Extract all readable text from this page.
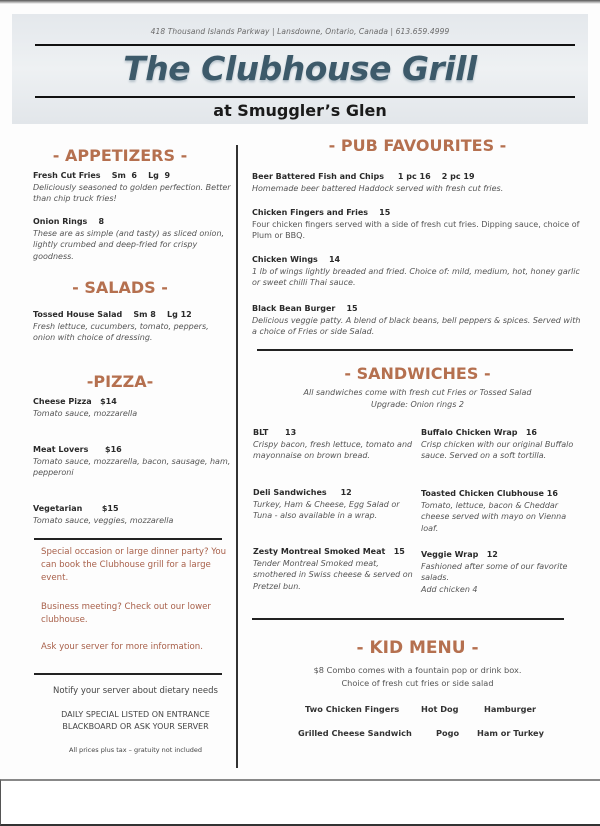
418 Thousand Islands Parkway | Lansdowne, Ontario, Canada | 613.659.4999
The Clubhouse Grill
at Smuggler’s Glen
- APPETIZERS -
Fresh Cut Fries    Sm  6    Lg  9
Deliciously seasoned to golden perfection. Better than chip truck fries!
Onion Rings    8
These are as simple (and tasty) as sliced onion, lightly crumbed and deep-fried for crispy goodness.
- SALADS -
Tossed House Salad    Sm 8    Lg 12
Fresh lettuce, cucumbers, tomato, peppers, onion with choice of dressing.
-PIZZA-
Cheese Pizza   $14
Tomato sauce, mozzarella
Meat Lovers      $16
Tomato sauce, mozzarella, bacon, sausage, ham, pepperoni
Vegetarian       $15
Tomato sauce, veggies, mozzarella
Special occasion or large dinner party? You can book the Clubhouse grill for a large event.
Business meeting? Check out our lower clubhouse.
Ask your server for more information.
Notify your server about dietary needs
DAILY SPECIAL LISTED ON ENTRANCE
BLACKBOARD OR ASK YOUR SERVER
All prices plus tax – gratuity not included
- PUB FAVOURITES -
Beer Battered Fish and Chips     1 pc 16    2 pc 19
Homemade beer battered Haddock served with fresh cut fries.
Chicken Fingers and Fries    15
Four chicken fingers served with a side of fresh cut fries. Dipping sauce, choice of Plum or BBQ.
Chicken Wings    14
1 lb of wings lightly breaded and fried. Choice of: mild, medium, hot, honey garlic or sweet chilli Thai sauce.
Black Bean Burger    15
Delicious veggie patty. A blend of black beans, bell peppers & spices. Served with a choice of Fries or side Salad.
- SANDWICHES -
All sandwiches come with fresh cut Fries or Tossed Salad
Upgrade: Onion rings 2
BLT      13
Crispy bacon, fresh lettuce, tomato and mayonnaise on brown bread.
Deli Sandwiches     12
Turkey, Ham & Cheese, Egg Salad or Tuna - also available in a wrap.
Zesty Montreal Smoked Meat   15
Tender Montreal Smoked meat, smothered in Swiss cheese & served on Pretzel bun.
Buffalo Chicken Wrap   16
Crisp chicken with our original Buffalo sauce. Served on a soft tortilla.
Toasted Chicken Clubhouse 16
Tomato, lettuce, bacon & Cheddar cheese served with mayo on Vienna loaf.
Veggie Wrap   12
Fashioned after some of our favorite salads.
Add chicken 4
- KID MENU -
$8 Combo comes with a fountain pop or drink box.
Choice of fresh cut fries or side salad
Two Chicken Fingers	Hot Dog	Hamburger
Grilled Cheese Sandwich	Pogo Ham or Turkey
